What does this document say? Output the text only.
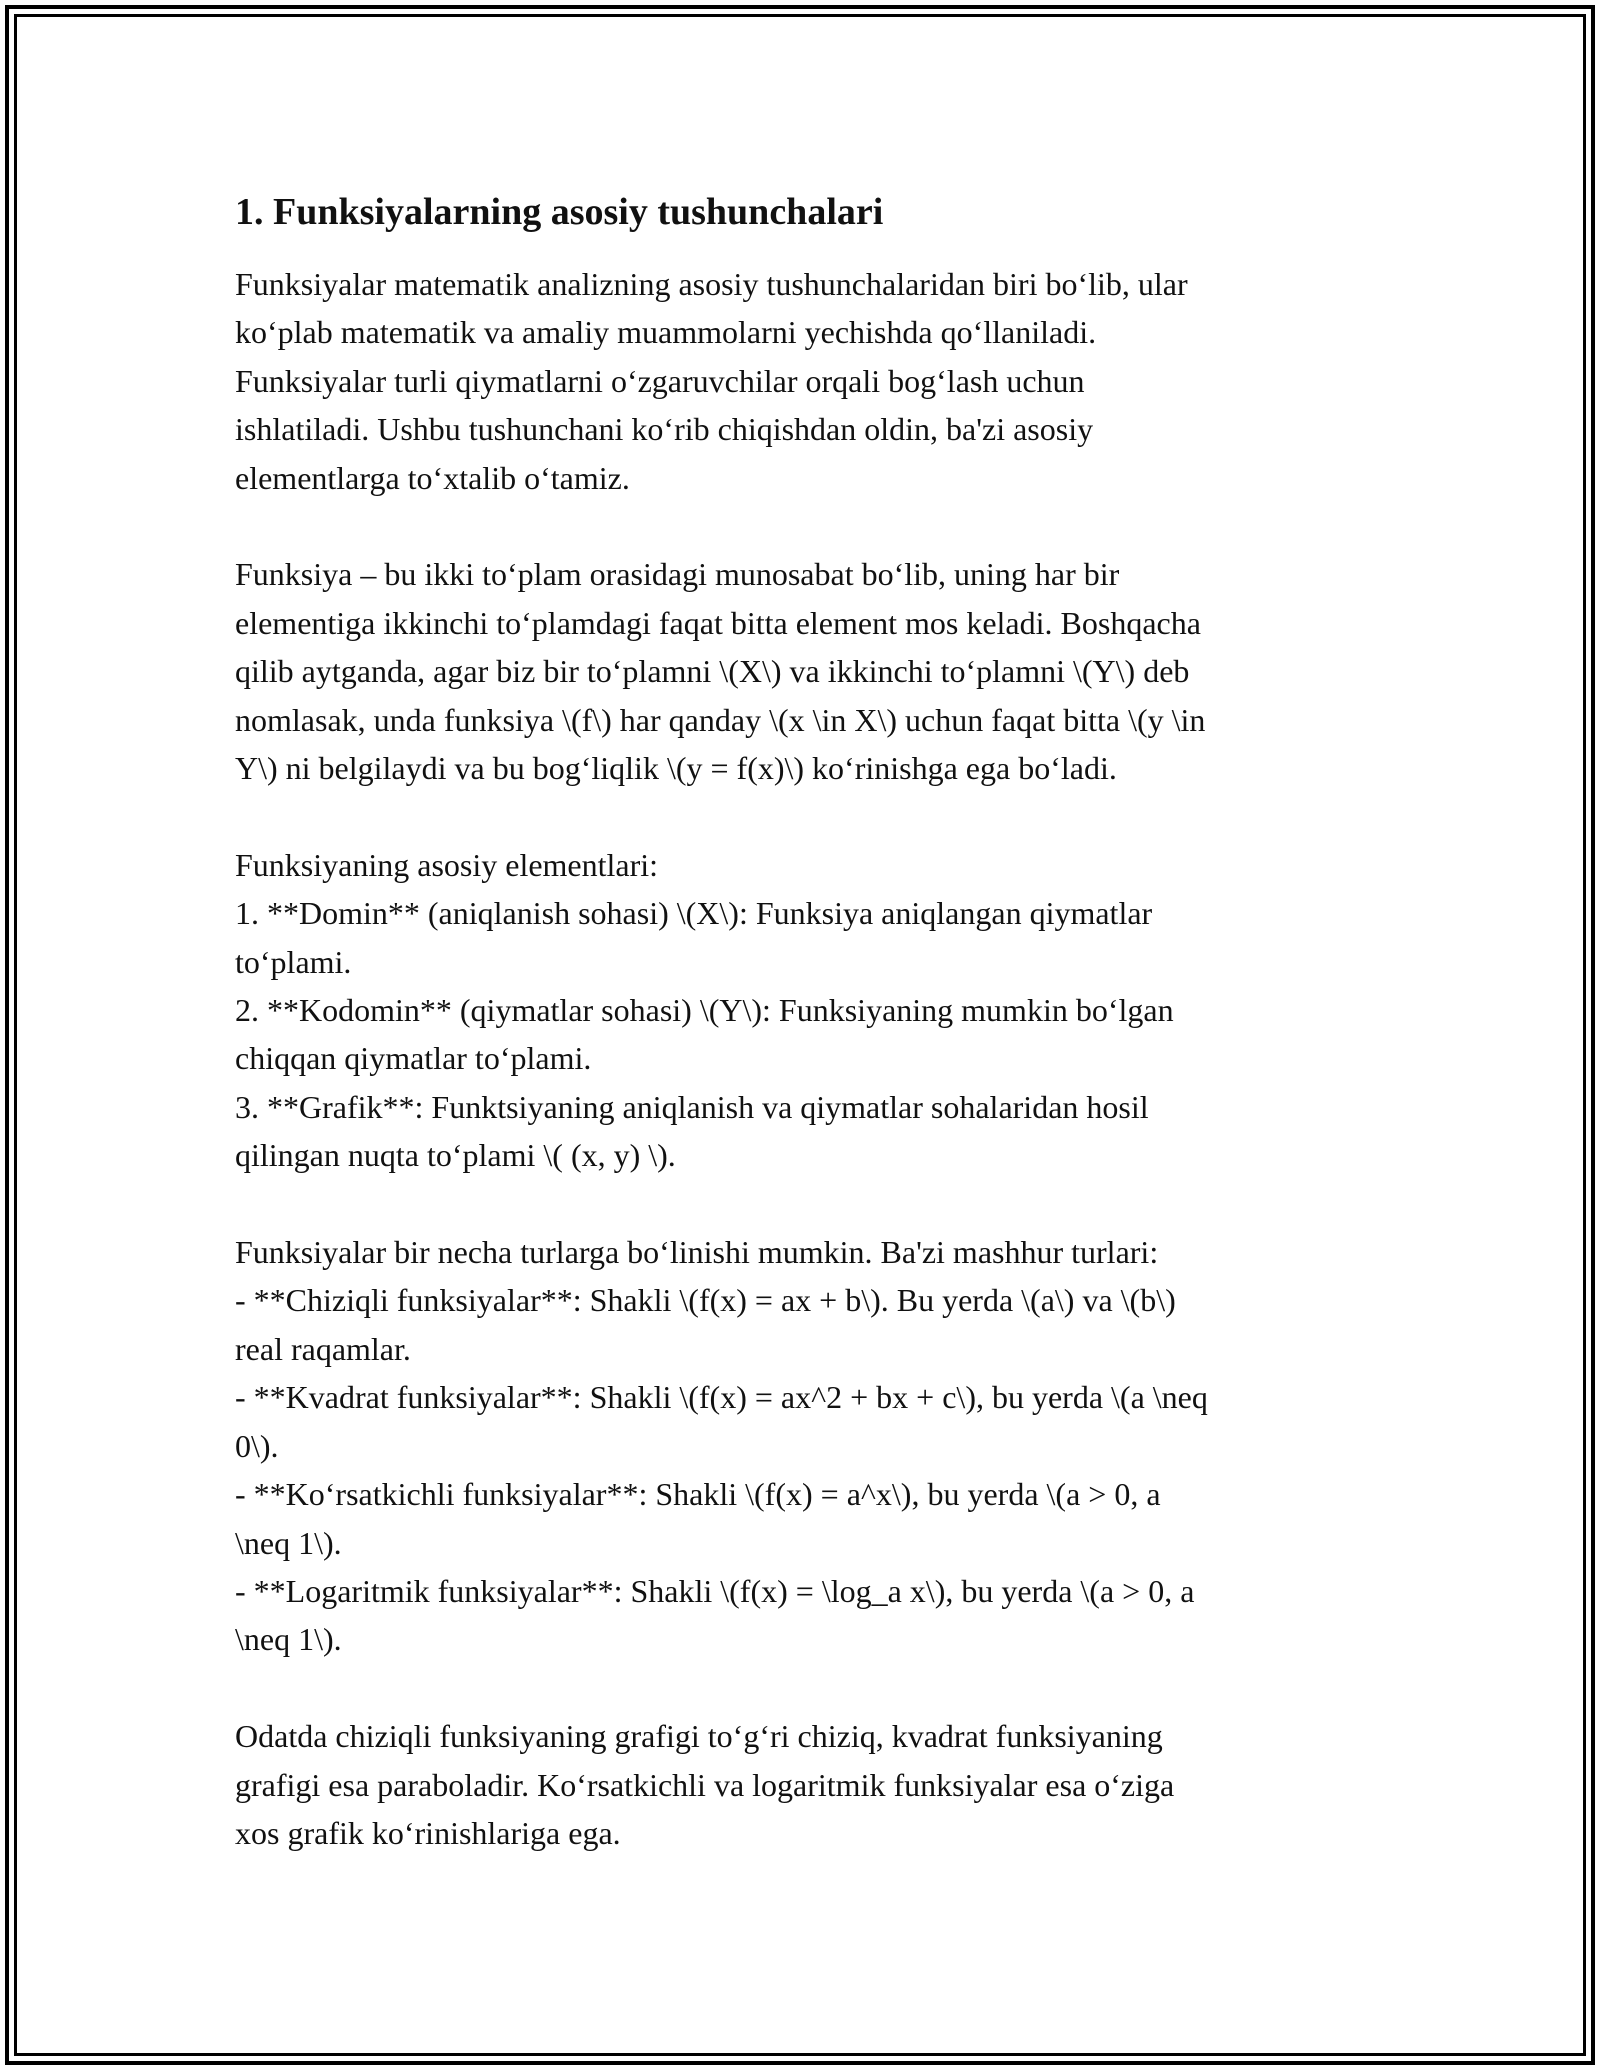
1. Funksiyalarning asosiy tushunchalari
Funksiyalar matematik analizning asosiy tushunchalaridan biri bo‘lib, ular
ko‘plab matematik va amaliy muammolarni yechishda qo‘llaniladi.
Funksiyalar turli qiymatlarni o‘zgaruvchilar orqali bog‘lash uchun
ishlatiladi. Ushbu tushunchani ko‘rib chiqishdan oldin, ba'zi asosiy
elementlarga to‘xtalib o‘tamiz.
Funksiya – bu ikki to‘plam orasidagi munosabat bo‘lib, uning har bir
elementiga ikkinchi to‘plamdagi faqat bitta element mos keladi. Boshqacha
qilib aytganda, agar biz bir to‘plamni \(X\) va ikkinchi to‘plamni \(Y\) deb
nomlasak, unda funksiya \(f\) har qanday \(x \in X\) uchun faqat bitta \(y \in
Y\) ni belgilaydi va bu bog‘liqlik \(y = f(x)\) ko‘rinishga ega bo‘ladi.
Funksiyaning asosiy elementlari:
1. **Domin** (aniqlanish sohasi) \(X\): Funksiya aniqlangan qiymatlar
to‘plami.
2. **Kodomin** (qiymatlar sohasi) \(Y\): Funksiyaning mumkin bo‘lgan
chiqqan qiymatlar to‘plami.
3. **Grafik**: Funktsiyaning aniqlanish va qiymatlar sohalaridan hosil
qilingan nuqta to‘plami \( (x, y) \).
Funksiyalar bir necha turlarga bo‘linishi mumkin. Ba'zi mashhur turlari:
- **Chiziqli funksiyalar**: Shakli \(f(x) = ax + b\). Bu yerda \(a\) va \(b\)
real raqamlar.
- **Kvadrat funksiyalar**: Shakli \(f(x) = ax^2 + bx + c\), bu yerda \(a \neq
0\).
- **Ko‘rsatkichli funksiyalar**: Shakli \(f(x) = a^x\), bu yerda \(a > 0, a
\neq 1\).
- **Logaritmik funksiyalar**: Shakli \(f(x) = \log_a x\), bu yerda \(a > 0, a
\neq 1\).
Odatda chiziqli funksiyaning grafigi to‘g‘ri chiziq, kvadrat funksiyaning
grafigi esa paraboladir. Ko‘rsatkichli va logaritmik funksiyalar esa o‘ziga
xos grafik ko‘rinishlariga ega.
